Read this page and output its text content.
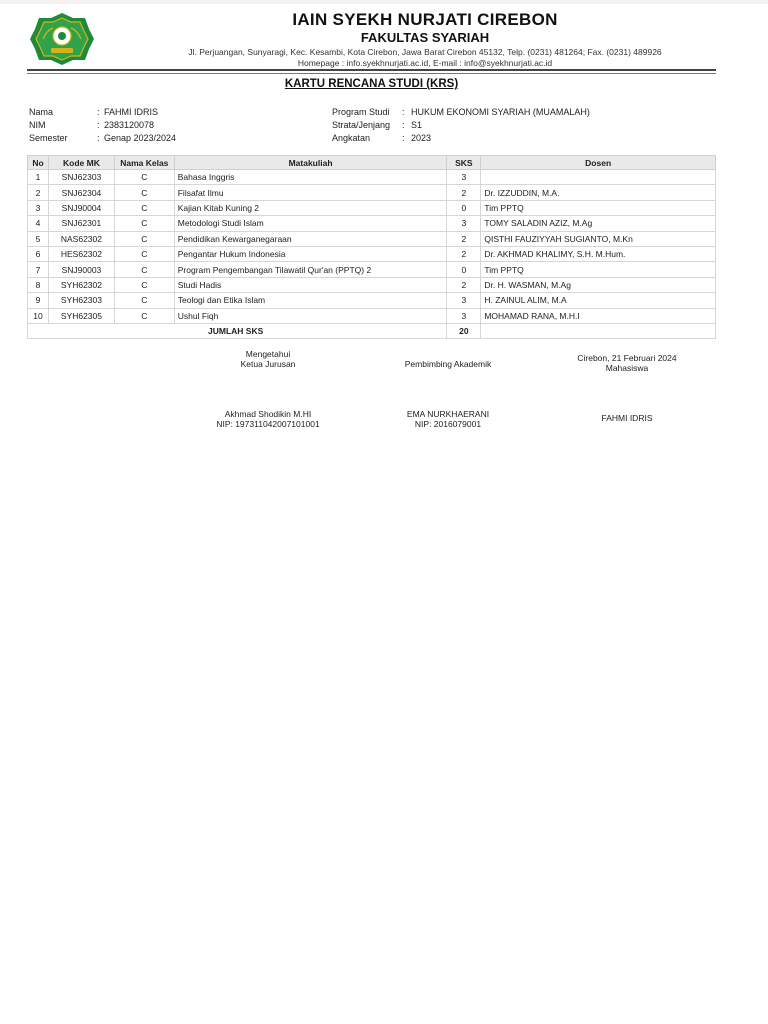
IAIN SYEKH NURJATI CIREBON
FAKULTAS SYARIAH
Jl. Perjuangan, Sunyaragi, Kec. Kesambi, Kota Cirebon, Jawa Barat Cirebon 45132, Telp. (0231) 481264; Fax. (0231) 489926
Homepage : info.syekhnurjati.ac.id, E-mail : info@syekhnurjati.ac.id
KARTU RENCANA STUDI (KRS)
Nama	: FAHMI IDRIS
NIM	: 2383120078
Semester	: Genap 2023/2024
Program Studi : HUKUM EKONOMI SYARIAH (MUAMALAH)
Strata/Jenjang : S1
Angkatan	: 2023
No	Kode MK	Nama Kelas	Matakuliah	SKS	Dosen
1	SNJ62303	C	Bahasa Inggris	3	
2	SNJ62304	C	Filsafat Ilmu	2	Dr. IZZUDDIN, M.A.
3	SNJ90004	C	Kajian Kitab Kuning 2	0	Tim PPTQ
4	SNJ62301	C	Metodologi Studi Islam	3	TOMY SALADIN AZIZ, M.Ag
5	NAS62302	C	Pendidikan Kewarganegaraan	2	QISTHI FAUZIYYAH SUGIANTO, M.Kn
6	HES62302	C	Pengantar Hukum Indonesia	2	Dr. AKHMAD KHALIMY, S.H. M.Hum.
7	SNJ90003	C	Program Pengembangan Tilawatil Qur'an (PPTQ) 2	0	Tim PPTQ
8	SYH62302	C	Studi Hadis	2	Dr. H. WASMAN, M.Ag
9	SYH62303	C	Teologi dan Etika Islam	3	H. ZAINUL ALIM, M.A
10	SYH62305	C	Ushul Fiqh	3	MOHAMAD RANA, M.H.I
JUMLAH SKS				20	
Mengetahui
Ketua Jurusan
Akhmad Shodikin M.HI
NIP: 197311042007101001
Pembimbing Akademik
EMA NURKHAERANI
NIP: 2016079001
Cirebon, 21 Februari 2024
Mahasiswa
FAHMI IDRIS
